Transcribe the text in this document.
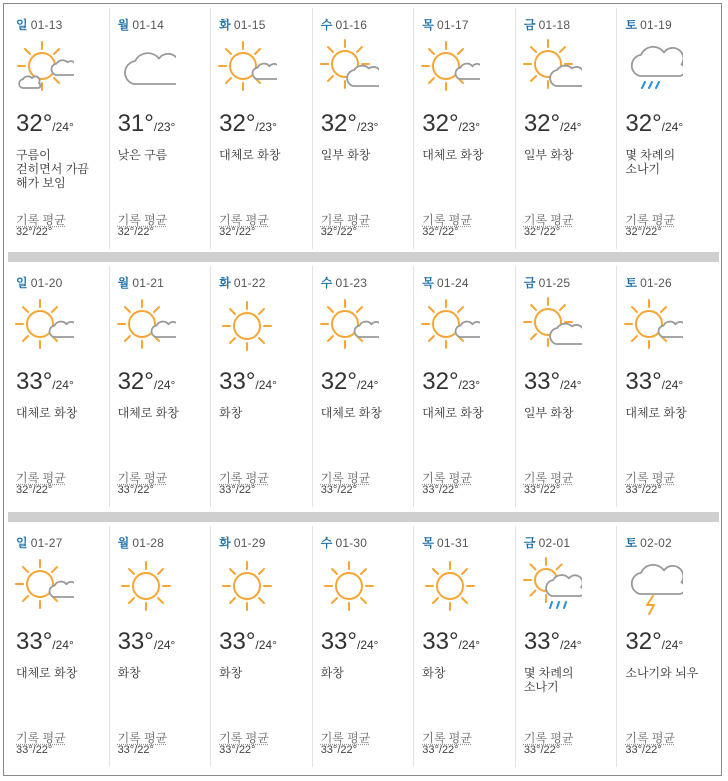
일 01-13
32°/24°
구름이 걷히면서 가끔 해가 보임
기록 평균
32°/22°
월 01-14
31°/23°
낮은 구름
기록 평균
32°/22°
화 01-15
32°/23°
대체로 화창
기록 평균
32°/22°
수 01-16
32°/23°
일부 화창
기록 평균
32°/22°
목 01-17
32°/23°
대체로 화창
기록 평균
32°/22°
금 01-18
32°/24°
일부 화창
기록 평균
32°/22°
토 01-19
32°/24°
몇 차례의 소나기
기록 평균
32°/22°
일 01-20
33°/24°
대체로 화창
기록 평균
32°/22°
월 01-21
32°/24°
대체로 화창
기록 평균
33°/22°
화 01-22
33°/24°
화창
기록 평균
33°/22°
수 01-23
32°/24°
대체로 화창
기록 평균
33°/22°
목 01-24
32°/23°
대체로 화창
기록 평균
33°/22°
금 01-25
33°/24°
일부 화창
기록 평균
33°/22°
토 01-26
33°/24°
대체로 화창
기록 평균
33°/22°
일 01-27
33°/24°
대체로 화창
기록 평균
33°/22°
월 01-28
33°/24°
화창
기록 평균
33°/22°
화 01-29
33°/24°
화창
기록 평균
33°/22°
수 01-30
33°/24°
화창
기록 평균
33°/22°
목 01-31
33°/24°
화창
기록 평균
33°/22°
금 02-01
33°/24°
몇 차례의 소나기
기록 평균
33°/22°
토 02-02
32°/24°
소나기와 뇌우
기록 평균
33°/22°
